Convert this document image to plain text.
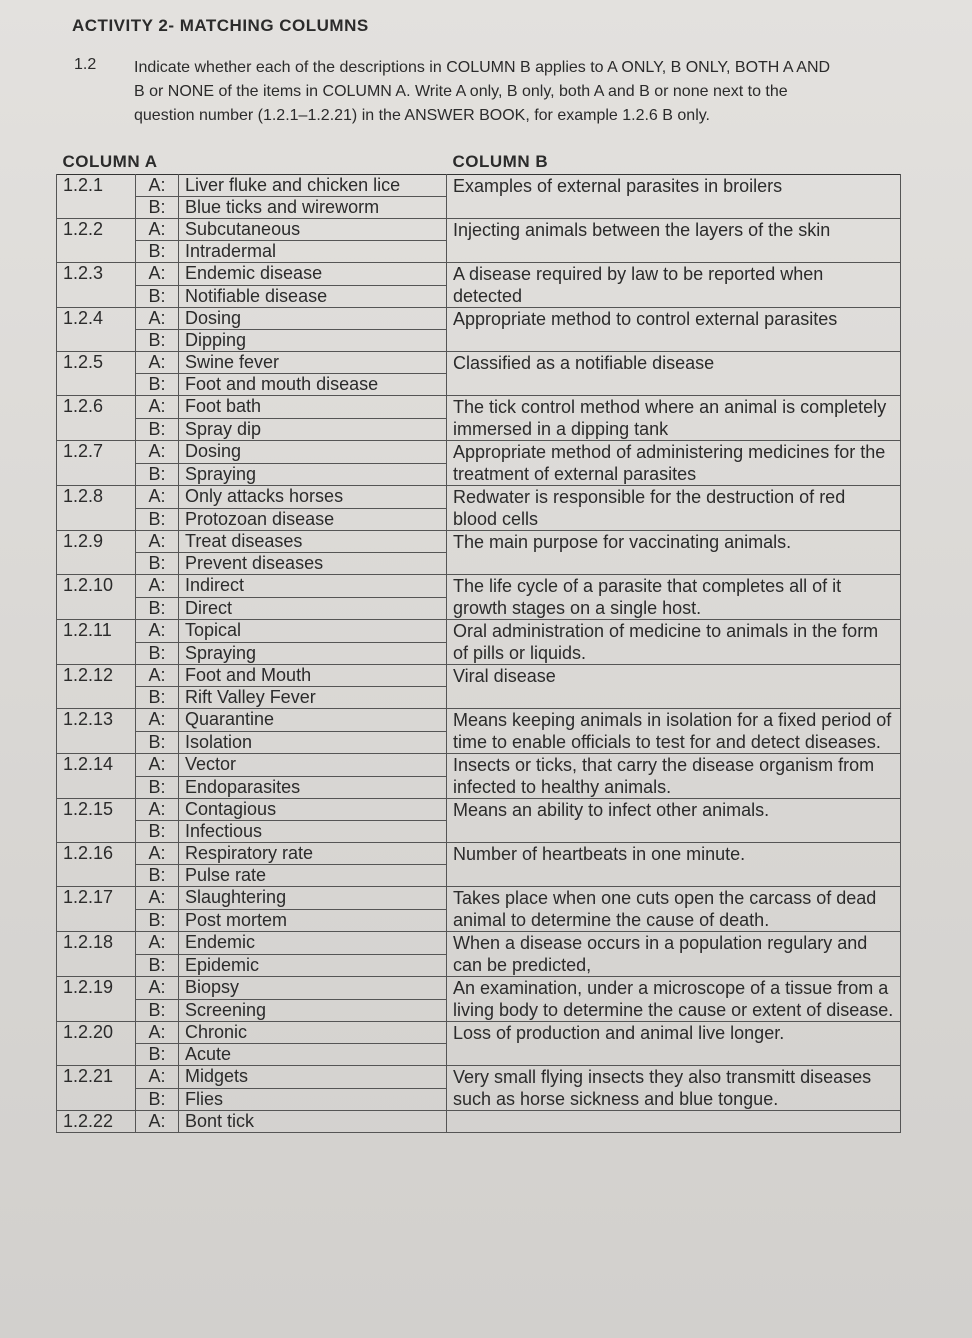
ACTIVITY 2- MATCHING COLUMNS
1.2 Indicate whether each of the descriptions in COLUMN B applies to A ONLY, B ONLY, BOTH A AND B or NONE of the items in COLUMN A. Write A only, B only, both A and B or none next to the question number (1.2.1–1.2.21) in the ANSWER BOOK, for example 1.2.6 B only.
COLUMN A			COLUMN B
1.2.1	A:	Liver fluke and chicken lice	Examples of external parasites in broilers
	B:	Blue ticks and wireworm	
1.2.2	A:	Subcutaneous	Injecting animals between the layers of the skin
	B:	Intradermal	
1.2.3	A:	Endemic disease	A disease required by law to be reported when detected
	B:	Notifiable disease	
1.2.4	A:	Dosing	Appropriate method to control external parasites
	B:	Dipping	
1.2.5	A:	Swine fever	Classified as a notifiable disease
	B:	Foot and mouth disease	
1.2.6	A:	Foot bath	The tick control method where an animal is completely immersed in a dipping tank
	B:	Spray dip	
1.2.7	A:	Dosing	Appropriate method of administering medicines for the treatment of external parasites
	B:	Spraying	
1.2.8	A:	Only attacks horses	Redwater is responsible for the destruction of red blood cells
	B:	Protozoan disease	
1.2.9	A:	Treat diseases	The main purpose for vaccinating animals.
	B:	Prevent diseases	
1.2.10	A:	Indirect	The life cycle of a parasite that completes all of it growth stages on a single host.
	B:	Direct	
1.2.11	A:	Topical	Oral administration of medicine to animals in the form of pills or liquids.
	B:	Spraying	
1.2.12	A:	Foot and Mouth	Viral disease
	B:	Rift Valley Fever	
1.2.13	A:	Quarantine	Means keeping animals in isolation for a fixed period of time to enable officials to test for and detect diseases.
	B:	Isolation	
1.2.14	A:	Vector	Insects or ticks, that carry the disease organism from infected to healthy animals.
	B:	Endoparasites	
1.2.15	A:	Contagious	Means an ability to infect other animals.
	B:	Infectious	
1.2.16	A:	Respiratory rate	Number of heartbeats in one minute.
	B:	Pulse rate	
1.2.17	A:	Slaughtering	Takes place when one cuts open the carcass of dead animal to determine the cause of death.
	B:	Post mortem	
1.2.18	A:	Endemic	When a disease occurs in a population regulary and can be predicted,
	B:	Epidemic	
1.2.19	A:	Biopsy	An examination, under a microscope of a tissue from a living body to determine the cause or extent of disease.
	B:	Screening	
1.2.20	A:	Chronic	Loss of production and animal live longer.
	B:	Acute	
1.2.21	A:	Midgets	Very small flying insects they also transmitt diseases such as horse sickness and blue tongue.
	B:	Flies	
1.2.22	A:	Bont tick	
